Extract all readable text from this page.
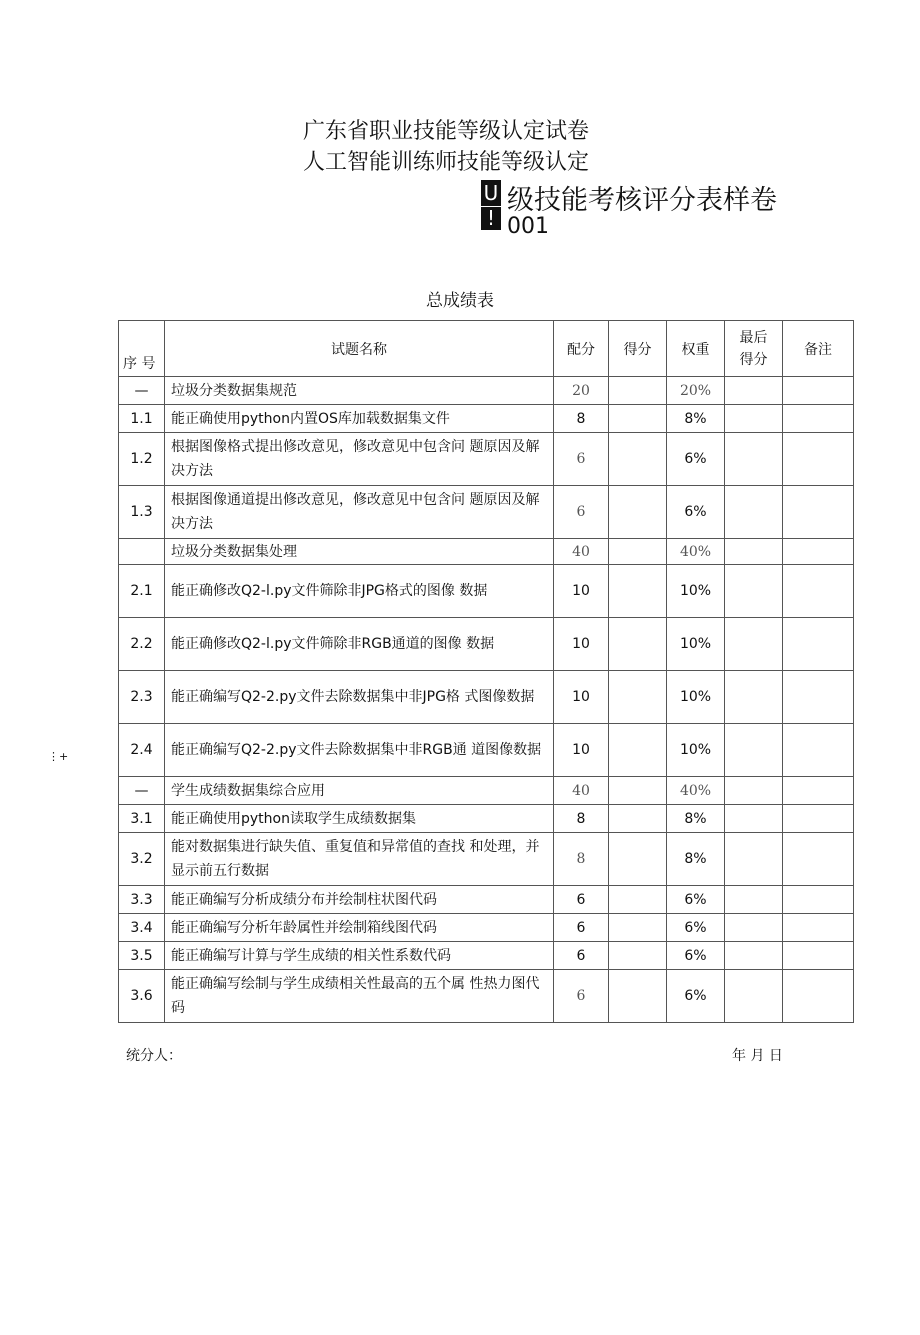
广东省职业技能等级认定试卷
人工智能训练师技能等级认定
U
!
级技能考核评分表样卷
001
总成绩表
序 号	试题名称	配分	得分	权重	最后 得分	备注
—	垃圾分类数据集规范	20		20%		
1.1	能正确使用python内置OS库加载数据集文件	8		8%		
1.2	根据图像格式提出修改意见，修改意见中包含问 题原因及解决方法	6		6%		
1.3	根据图像通道提出修改意见，修改意见中包含问 题原因及解决方法	6		6%		
	垃圾分类数据集处理	40		40%		
2.1	能正确修改Q2-l.py文件筛除非JPG格式的图像 数据	10		10%		
2.2	能正确修改Q2-l.py文件筛除非RGB通道的图像 数据	10		10%		
2.3	能正确编写Q2-2.py文件去除数据集中非JPG格 式图像数据	10		10%		
2.4	能正确编写Q2-2.py文件去除数据集中非RGB通 道图像数据	10		10%		
—	学生成绩数据集综合应用	40		40%		
3.1	能正确使用python读取学生成绩数据集	8		8%		
3.2	能对数据集进行缺失值、重复值和异常值的查找 和处理，并显示前五行数据	8		8%		
3.3	能正确编写分析成绩分布并绘制柱状图代码	6		6%		
3.4	能正确编写分析年龄属性并绘制箱线图代码	6		6%		
3.5	能正确编写计算与学生成绩的相关性系数代码	6		6%		
3.6	能正确编写绘制与学生成绩相关性最高的五个属 性热力图代码	6		6%		
⋮+
统分人：	年 月 日
